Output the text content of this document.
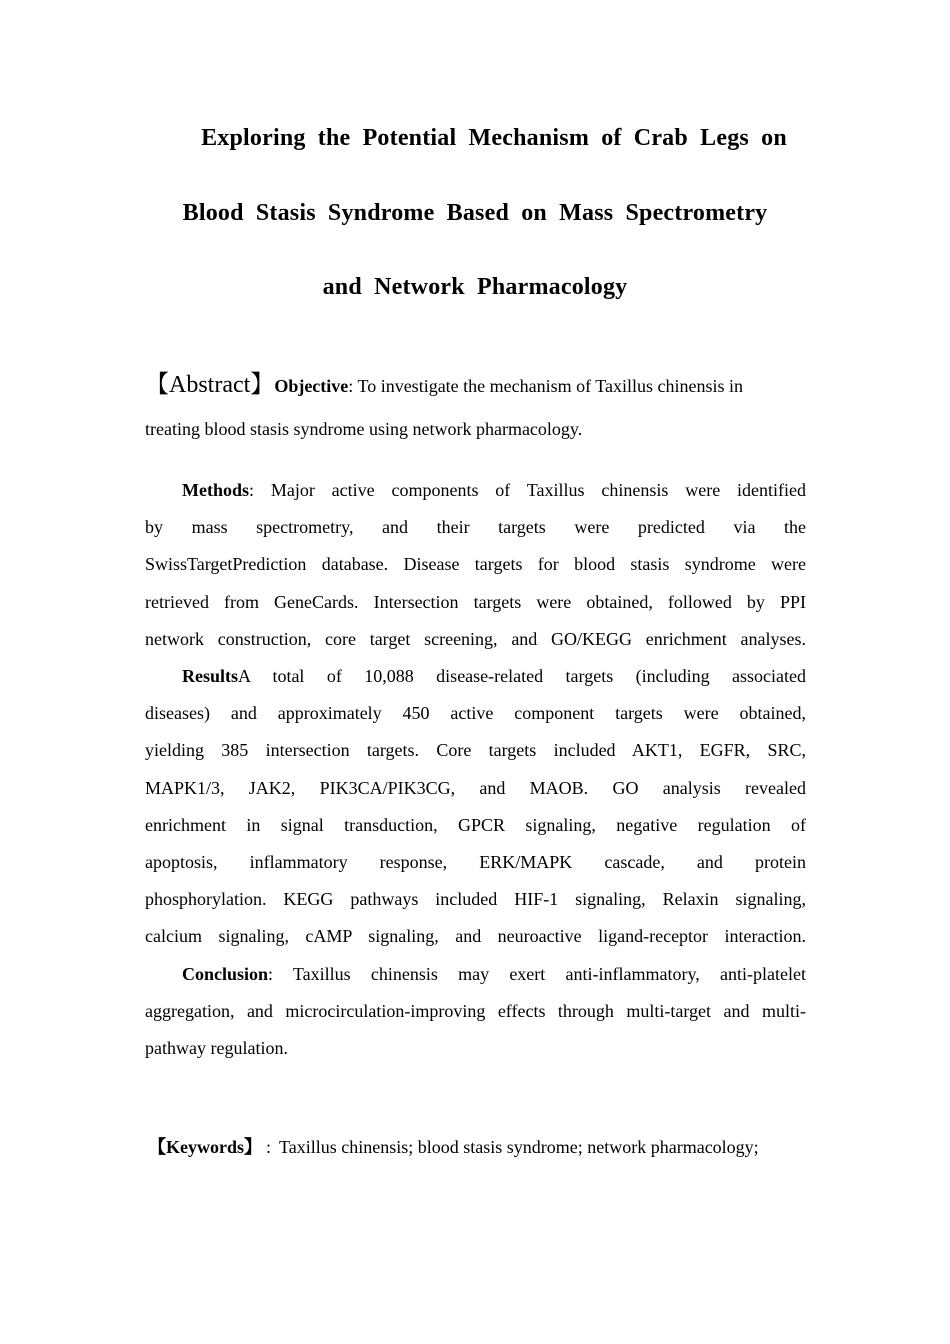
Exploring the Potential Mechanism of Crab Legs on
Blood Stasis Syndrome Based on Mass Spectrometry
and Network Pharmacology
【Abstract】Objective: To investigate the mechanism of Taxillus chinensis in
treating blood stasis syndrome using network pharmacology.
Methods: Major active components of Taxillus chinensis were identified
by mass spectrometry, and their targets were predicted via the
SwissTargetPrediction database. Disease targets for blood stasis syndrome were
retrieved from GeneCards. Intersection targets were obtained, followed by PPI
network construction, core target screening, and GO/KEGG enrichment analyses.
ResultsA total of 10,088 disease-related targets (including associated
diseases) and approximately 450 active component targets were obtained,
yielding 385 intersection targets. Core targets included AKT1, EGFR, SRC,
MAPK1/3, JAK2, PIK3CA/PIK3CG, and MAOB. GO analysis revealed
enrichment in signal transduction, GPCR signaling, negative regulation of
apoptosis, inflammatory response, ERK/MAPK cascade, and protein
phosphorylation. KEGG pathways included HIF-1 signaling, Relaxin signaling,
calcium signaling, cAMP signaling, and neuroactive ligand-receptor interaction.
Conclusion: Taxillus chinensis may exert anti-inflammatory, anti-platelet
aggregation, and microcirculation-improving effects through multi-target and multi-
pathway regulation.
【Keywords】 : Taxillus chinensis; blood stasis syndrome; network pharmacology;
